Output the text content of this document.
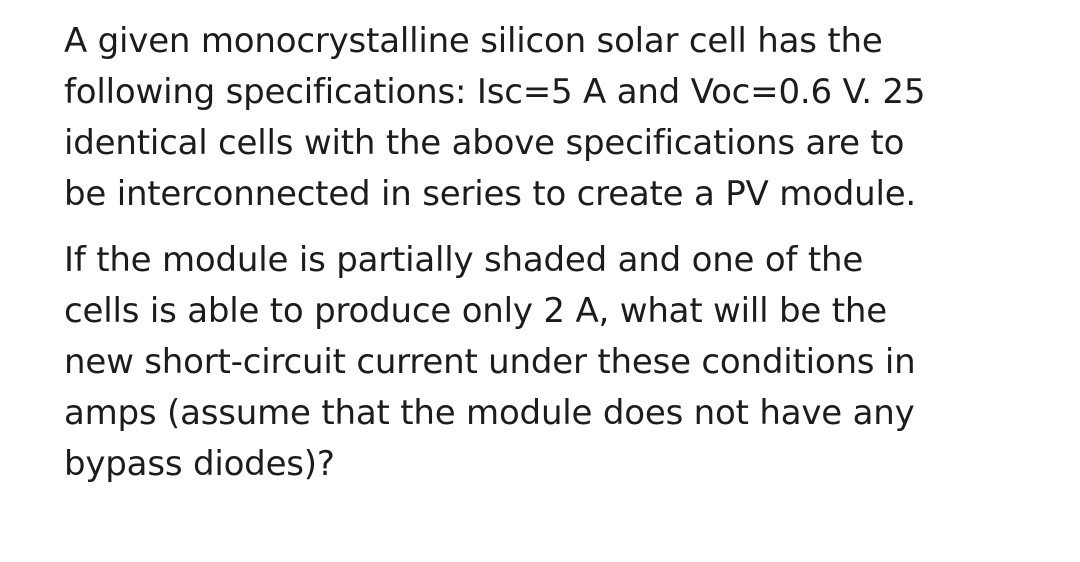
A given monocrystalline silicon solar cell has the
following specifications: Isc=5 A and Voc=0.6 V. 25
identical cells with the above specifications are to
be interconnected in series to create a PV module.

If the module is partially shaded and one of the
cells is able to produce only 2 A, what will be the
new short-circuit current under these conditions in
amps (assume that the module does not have any
bypass diodes)?
